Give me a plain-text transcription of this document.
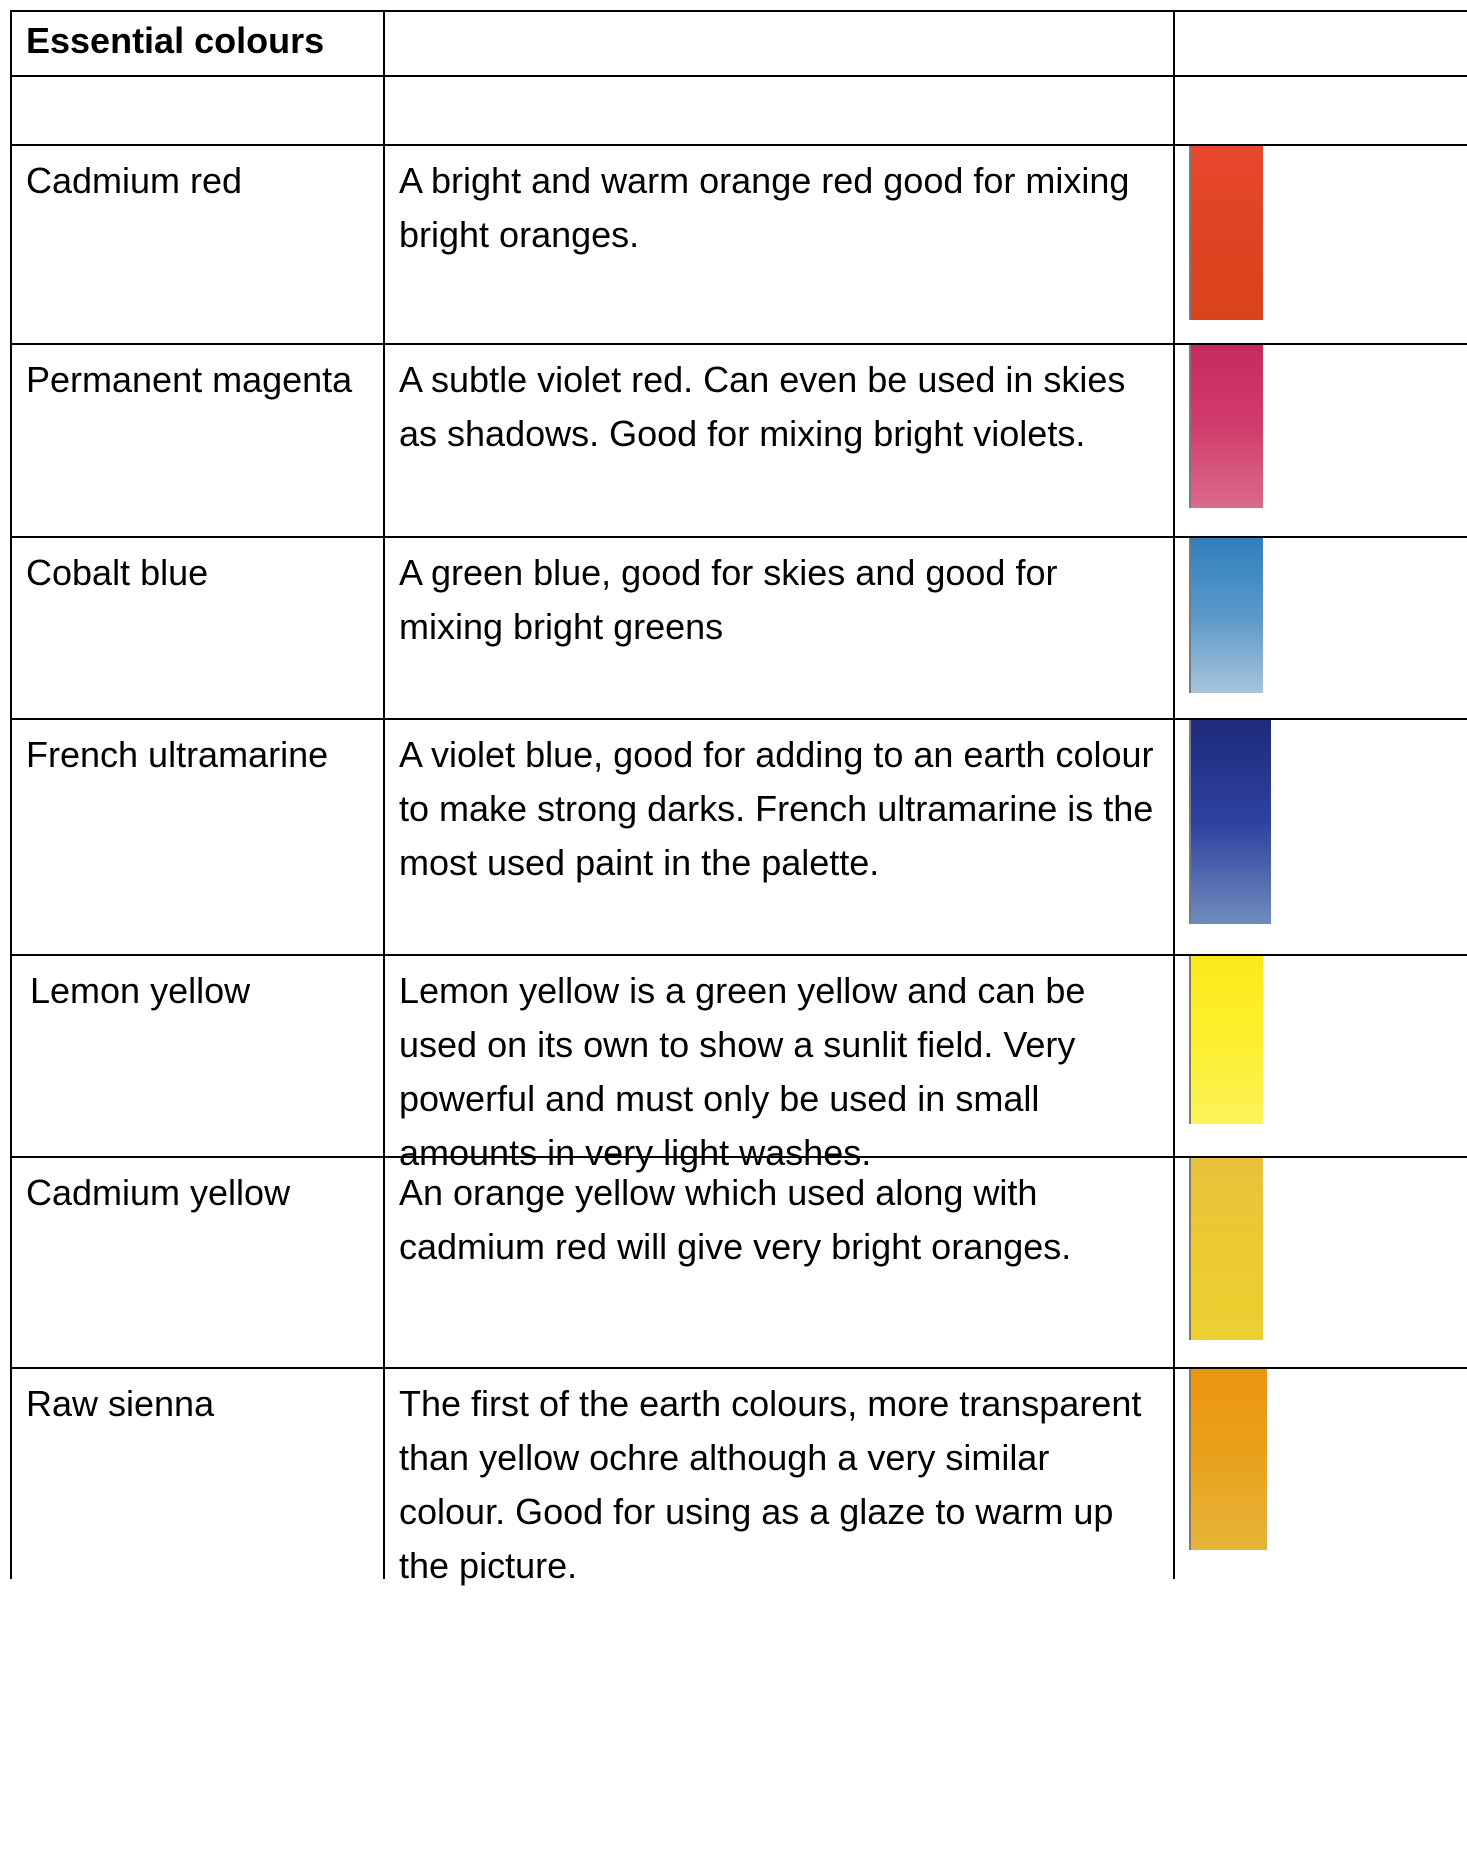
Essential colours
Cadmium red	A bright and warm orange red good for mixing bright oranges.
Permanent magenta	A subtle violet red. Can even be used in skies as shadows. Good for mixing bright violets.
Cobalt blue	A green blue, good for skies and good for mixing bright greens
French ultramarine	A violet blue, good for adding to an earth colour to make strong darks. French ultramarine is the most used paint in the palette.
Lemon yellow	Lemon yellow is a green yellow and can be used on its own to show a sunlit field. Very powerful and must only be used in small amounts in very light washes.
Cadmium yellow	An orange yellow which used along with cadmium red will give very bright oranges.
Raw sienna	The first of the earth colours, more transparent than yellow ochre although a very similar colour. Good for using as a glaze to warm up the picture.
